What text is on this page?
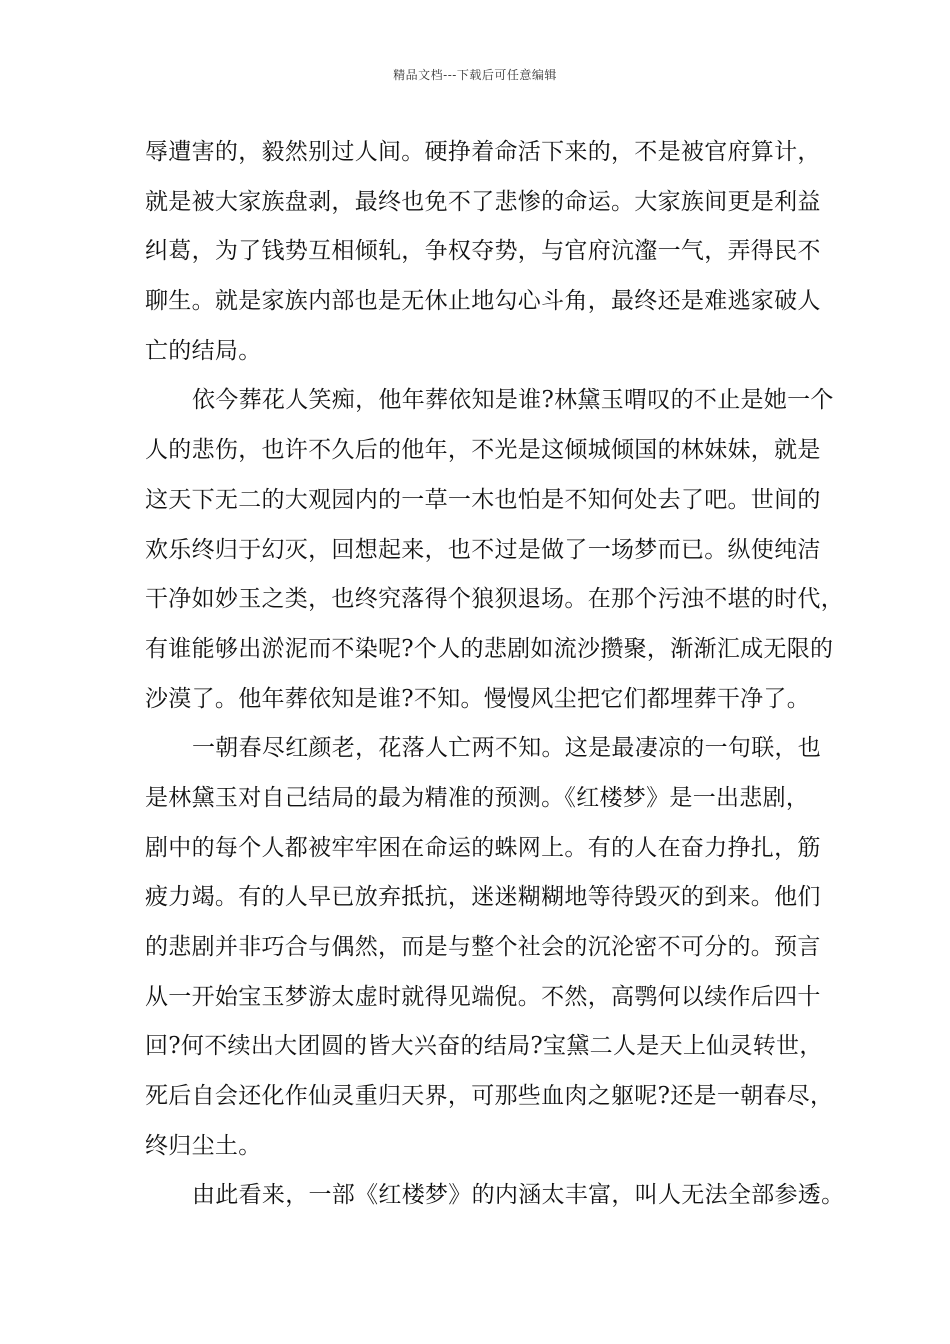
精品文档---下载后可任意编辑
辱遭害的，毅然别过人间。硬挣着命活下来的，不是被官府算计，
就是被大家族盘剥，最终也免不了悲惨的命运。大家族间更是利益
纠葛，为了钱势互相倾轧，争权夺势，与官府沆瀣一气，弄得民不
聊生。就是家族内部也是无休止地勾心斗角，最终还是难逃家破人
亡的结局。
依今葬花人笑痴，他年葬依知是谁?林黛玉喟叹的不止是她一个
人的悲伤，也许不久后的他年，不光是这倾城倾国的林妹妹，就是
这天下无二的大观园内的一草一木也怕是不知何处去了吧。世间的
欢乐终归于幻灭，回想起来，也不过是做了一场梦而已。纵使纯洁
干净如妙玉之类，也终究落得个狼狈退场。在那个污浊不堪的时代，
有谁能够出淤泥而不染呢?个人的悲剧如流沙攒聚，渐渐汇成无限的
沙漠了。他年葬依知是谁?不知。慢慢风尘把它们都埋葬干净了。
一朝春尽红颜老，花落人亡两不知。这是最凄凉的一句联，也
是林黛玉对自己结局的最为精准的预测。《红楼梦》是一出悲剧，
剧中的每个人都被牢牢困在命运的蛛网上。有的人在奋力挣扎，筋
疲力竭。有的人早已放弃抵抗，迷迷糊糊地等待毁灭的到来。他们
的悲剧并非巧合与偶然，而是与整个社会的沉沦密不可分的。预言
从一开始宝玉梦游太虚时就得见端倪。不然，高鹗何以续作后四十
回?何不续出大团圆的皆大兴奋的结局?宝黛二人是天上仙灵转世，
死后自会还化作仙灵重归天界，可那些血肉之躯呢?还是一朝春尽，
终归尘土。
由此看来，一部《红楼梦》的内涵太丰富，叫人无法全部参透。
